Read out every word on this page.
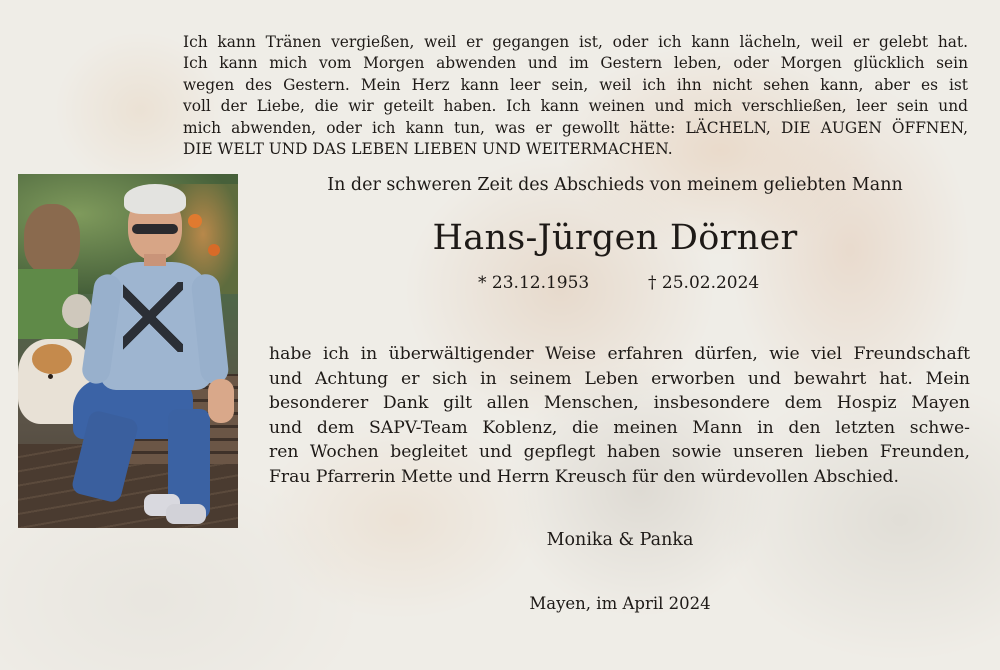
Ich kann Tränen vergießen, weil er gegangen ist, oder ich kann lächeln, weil er gelebt hat.

Ich kann mich vom Morgen abwenden und im Gestern leben, oder Morgen glücklich sein

wegen des Gestern. Mein Herz kann leer sein, weil ich ihn nicht sehen kann, aber es ist

voll der Liebe, die wir geteilt haben. Ich kann weinen und mich verschließen, leer sein und

mich abwenden, oder ich kann tun, was er gewollt hätte: LÄCHELN, DIE AUGEN ÖFFNEN,

DIE WELT UND DAS LEBEN LIEBEN UND WEITERMACHEN.

In der schweren Zeit des Abschieds von meinem geliebten Mann
Hans-Jürgen Dörner
* 23.12.1953	† 25.02.2024

habe ich in überwältigender Weise erfahren dürfen, wie viel Freundschaft

und Achtung er sich in seinem Leben erworben und bewahrt hat. Mein

besonderer Dank gilt allen Menschen, insbesondere dem Hospiz Mayen

und dem SAPV-Team Koblenz, die meinen Mann in den letzten schwe-

ren Wochen begleitet und gepflegt haben sowie unseren lieben Freunden,

Frau Pfarrerin Mette und Herrn Kreusch für den würdevollen Abschied.

Monika & Panka
Mayen, im April 2024
